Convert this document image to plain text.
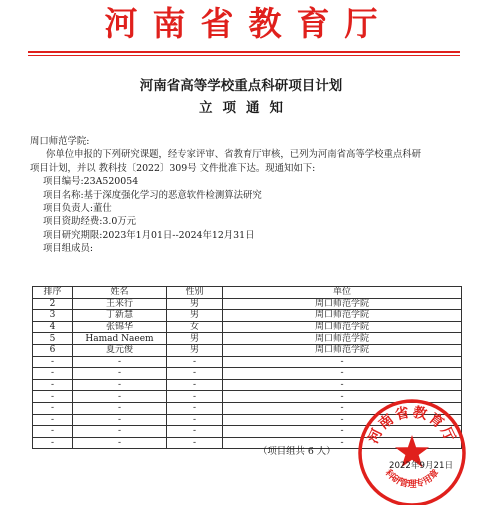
河南省教育厅
河南省高等学校重点科研项目计划
立项通知
周口师范学院:
你单位申报的下列研究课题，经专家评审、省教育厅审核，已列为河南省高等学校重点科研
项目计划，并以 教科技〔2022〕309号 文件批准下达。现通知如下:
项目编号:23A520054
项目名称:基于深度强化学习的恶意软件检测算法研究
项目负责人:董仕
项目资助经费:3.0万元
项目研究期限:2023年1月01日--2024年12月31日
项目组成员:
排序	姓名	性别	单位
2	王来行	男	周口师范学院
3	丁新慧	男	周口师范学院
4	张锦华	女	周口师范学院
5	Hamad Naeem	男	周口师范学院
6	夏元俊	男	周口师范学院
-	-	-	-
-	-	-	-
-	-	-	-
-	-	-	-
-	-	-	-
-	-	-	-
-	-	-	-
-	-	-	-
（项目组共 6 人）
河南省教育厅
科研管理专用章
2022年9月21日
